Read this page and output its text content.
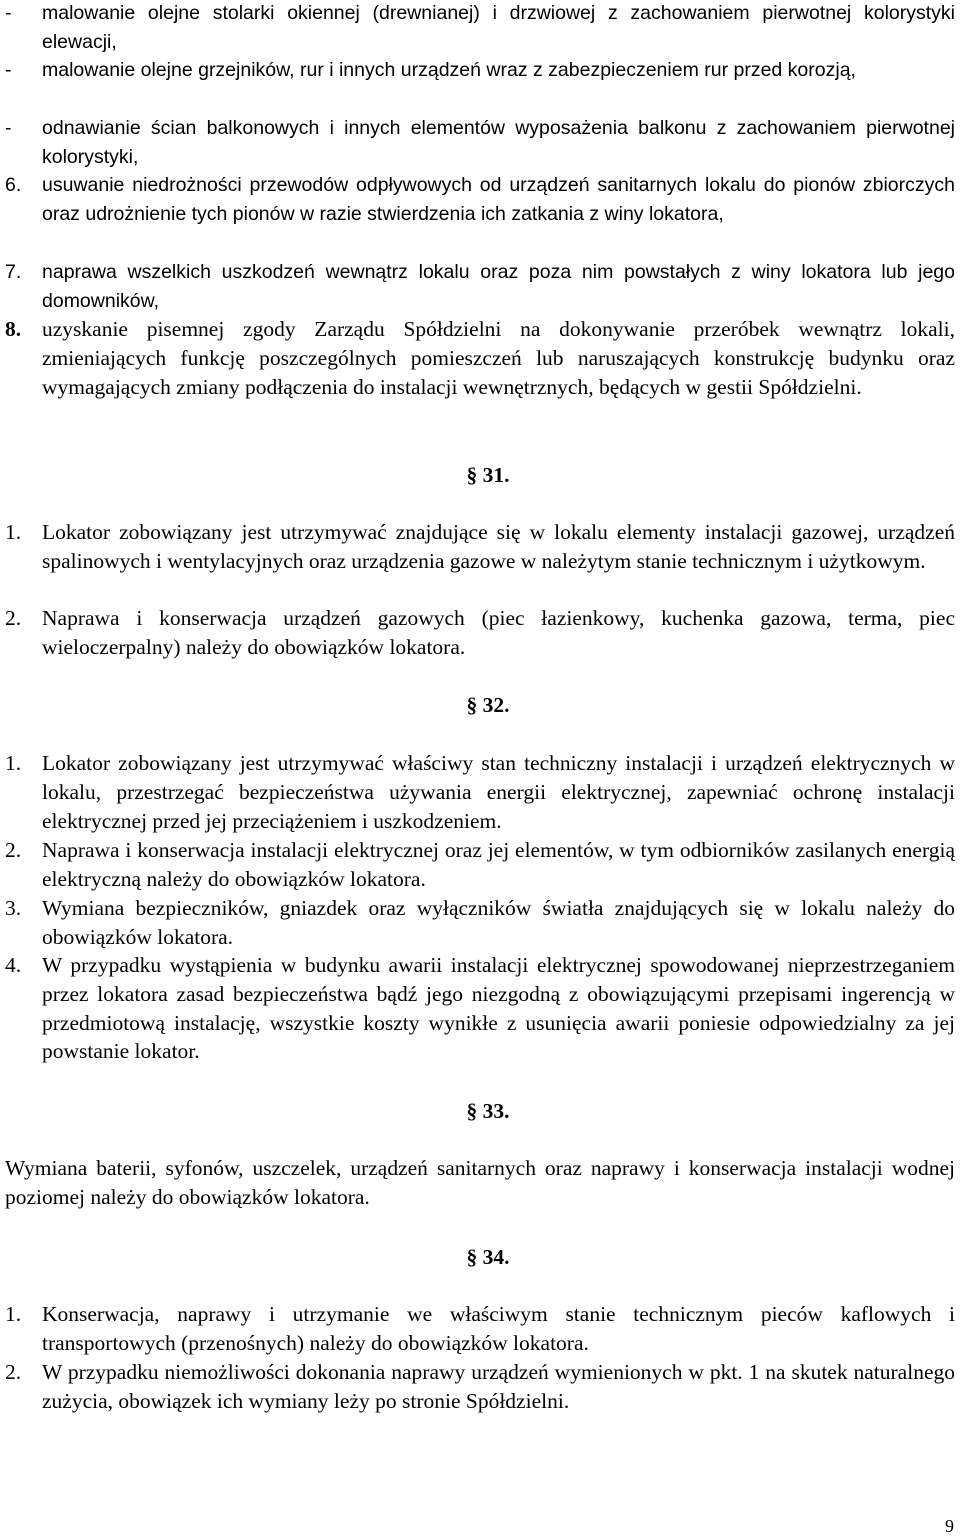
- malowanie olejne stolarki okiennej (drewnianej) i drzwiowej z zachowaniem pierwotnej kolorystyki elewacji,
- malowanie olejne grzejników, rur i innych urządzeń wraz z zabezpieczeniem rur przed korozją,
- odnawianie ścian balkonowych i innych elementów wyposażenia balkonu z zachowaniem pierwotnej kolorystyki,
6. usuwanie niedrożności przewodów odpływowych od urządzeń sanitarnych lokalu do pionów zbiorczych oraz udrożnienie tych pionów w razie stwierdzenia ich zatkania z winy lokatora,
7. naprawa wszelkich uszkodzeń wewnątrz lokalu oraz poza nim powstałych z winy lokatora lub jego domowników,
8. uzyskanie pisemnej zgody Zarządu Spółdzielni na dokonywanie przeróbek wewnątrz lokali, zmieniających funkcję poszczególnych pomieszczeń lub naruszających konstrukcję budynku oraz wymagających zmiany podłączenia do instalacji wewnętrznych, będących w gestii Spółdzielni.
§ 31.
1. Lokator zobowiązany jest utrzymywać znajdujące się w lokalu elementy instalacji gazowej, urządzeń spalinowych i wentylacyjnych oraz urządzenia gazowe w należytym stanie technicznym i użytkowym.
2. Naprawa i konserwacja urządzeń gazowych (piec łazienkowy, kuchenka gazowa, terma, piec wieloczerpalny) należy do obowiązków lokatora.
§ 32.
1. Lokator zobowiązany jest utrzymywać właściwy stan techniczny instalacji i urządzeń elektrycznych w lokalu, przestrzegać bezpieczeństwa używania energii elektrycznej, zapewniać ochronę instalacji elektrycznej przed jej przeciążeniem i uszkodzeniem.
2. Naprawa i konserwacja instalacji elektrycznej oraz jej elementów, w tym odbiorników zasilanych energią elektryczną należy do obowiązków lokatora.
3. Wymiana bezpieczników, gniazdek oraz wyłączników światła znajdujących się w lokalu należy do obowiązków lokatora.
4. W przypadku wystąpienia w budynku awarii instalacji elektrycznej spowodowanej nieprzestrzeganiem przez lokatora zasad bezpieczeństwa bądź jego niezgodną z obowiązującymi przepisami ingerencją w przedmiotową instalację, wszystkie koszty wynikłe z usunięcia awarii poniesie odpowiedzialny za jej powstanie lokator.
§ 33.

Wymiana baterii, syfonów, uszczelek, urządzeń sanitarnych oraz naprawy i konserwacja instalacji wodnej poziomej należy do obowiązków lokatora.

§ 34.
1. Konserwacja, naprawy i utrzymanie we właściwym stanie technicznym pieców kaflowych i transportowych (przenośnych) należy do obowiązków lokatora.
2. W przypadku niemożliwości dokonania naprawy urządzeń wymienionych w pkt. 1 na skutek naturalnego zużycia, obowiązek ich wymiany leży po stronie Spółdzielni.
9
